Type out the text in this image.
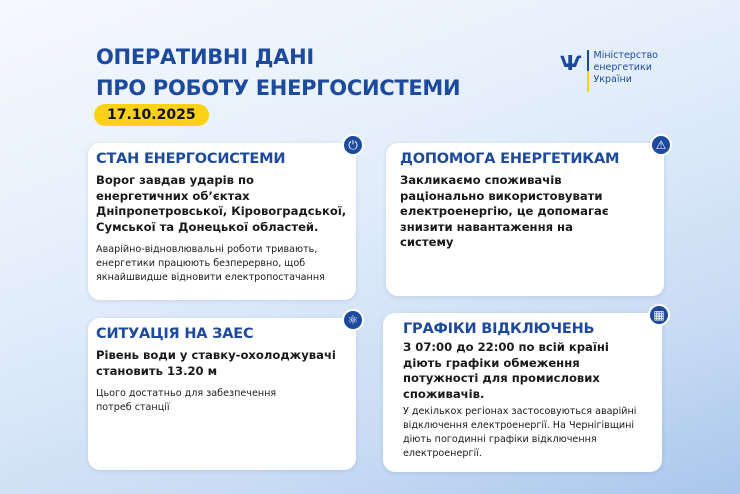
ОПЕРАТИВНІ ДАНІ
ПРО РОБОТУ ЕНЕРГОСИСТЕМИ
17.10.2025
Ѱ Міністерство
енергетики
України
⏻
СТАН ЕНЕРГОСИСТЕМИ
Ворог завдав ударів по енергетичних об’єктах Дніпропетровської, Кіровоградської, Сумської та Донецької областей.
Аварійно-відновлювальні роботи тривають, енергетики працюють безперервно, щоб якнайшвидше відновити електропостачання
⚠
ДОПОМОГА ЕНЕРГЕТИКАМ
Закликаємо споживачів раціонально використовувати електроенергію, це допомагає знизити навантаження на систему
⚛
СИТУАЦІЯ НА ЗАЕС
Рівень води у ставку-охолоджувачі становить 13.20 м
Цього достатньо для забезпечення потреб станції
▦
ГРАФІКИ ВІДКЛЮЧЕНЬ
З 07:00 до 22:00 по всій країні діють графіки обмеження потужності для промислових споживачів.
У декількох регіонах застосовуються аварійні відключення електроенергії. На Чернігівщині діють погодинні графіки відключення електроенергії.
